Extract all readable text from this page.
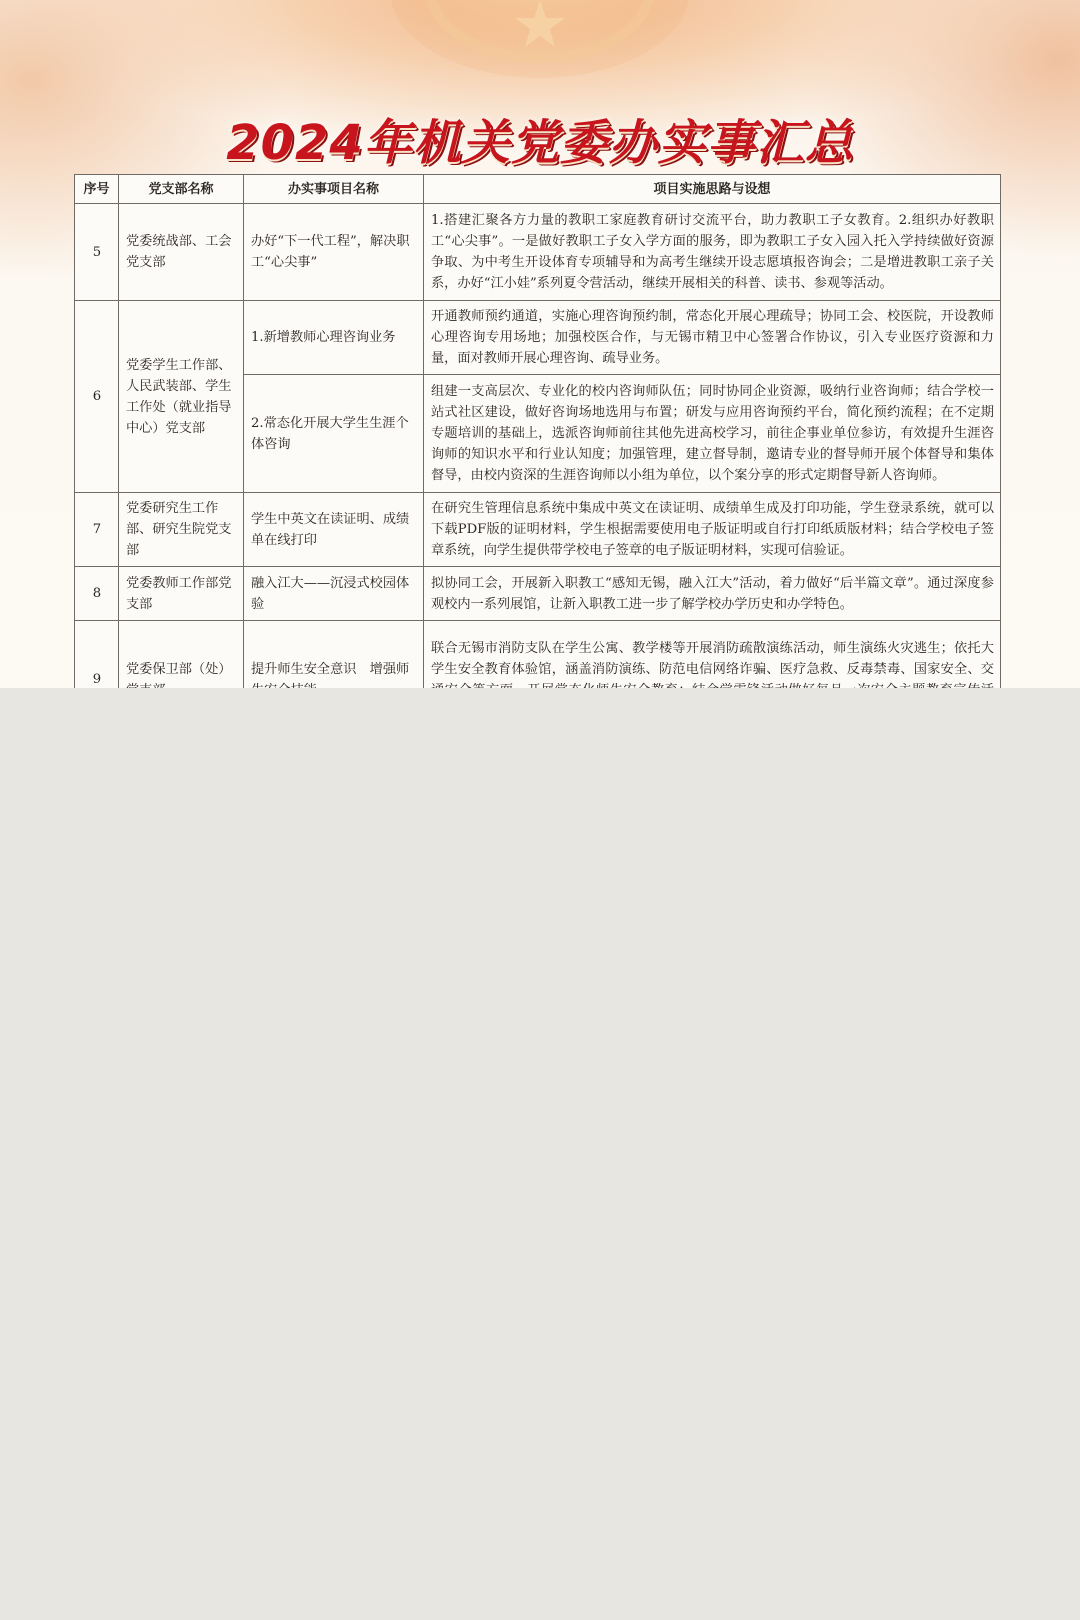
2024年机关党委办实事汇总
序号	党支部名称	办实事项目名称	项目实施思路与设想
5	党委统战部、工会党支部	办好“下一代工程”，解决职工“心尖事”	1.搭建汇聚各方力量的教职工家庭教育研讨交流平台，助力教职工子女教育。2.组织办好教职工“心尖事”。一是做好教职工子女入学方面的服务，即为教职工子女入园入托入学持续做好资源争取、为中考生开设体育专项辅导和为高考生继续开设志愿填报咨询会；二是增进教职工亲子关系，办好“江小娃”系列夏令营活动，继续开展相关的科普、读书、参观等活动。
6	党委学生工作部、人民武装部、学生工作处（就业指导中心）党支部	1.新增教师心理咨询业务	开通教师预约通道，实施心理咨询预约制，常态化开展心理疏导；协同工会、校医院，开设教师心理咨询专用场地；加强校医合作，与无锡市精卫中心签署合作协议，引入专业医疗资源和力量，面对教师开展心理咨询、疏导业务。
		2.常态化开展大学生生涯个体咨询	组建一支高层次、专业化的校内咨询师队伍；同时协同企业资源，吸纳行业咨询师；结合学校一站式社区建设，做好咨询场地选用与布置；研发与应用咨询预约平台，简化预约流程；在不定期专题培训的基础上，选派咨询师前往其他先进高校学习，前往企事业单位参访，有效提升生涯咨询师的知识水平和行业认知度；加强管理，建立督导制，邀请专业的督导师开展个体督导和集体督导，由校内资深的生涯咨询师以小组为单位，以个案分享的形式定期督导新人咨询师。
7	党委研究生工作部、研究生院党支部	学生中英文在读证明、成绩单在线打印	在研究生管理信息系统中集成中英文在读证明、成绩单生成及打印功能，学生登录系统，就可以下载PDF版的证明材料，学生根据需要使用电子版证明或自行打印纸质版材料；结合学校电子签章系统，向学生提供带学校电子签章的电子版证明材料，实现可信验证。
8	党委教师工作部党支部	融入江大——沉浸式校园体验	拟协同工会，开展新入职教工“感知无锡，融入江大”活动，着力做好“后半篇文章”。通过深度参观校内一系列展馆，让新入职教工进一步了解学校办学历史和办学特色。
9	党委保卫部（处）	提升师生安全意识　增强师	联合无锡市消防支队在学生公寓、教学楼等开展消防疏散演练活动，师生演练火灾逃生；依托大学生安全教育体验馆，涵盖消防演练、防范电信网络诈骗、医疗急救、反毒禁毒、国家安全、交
